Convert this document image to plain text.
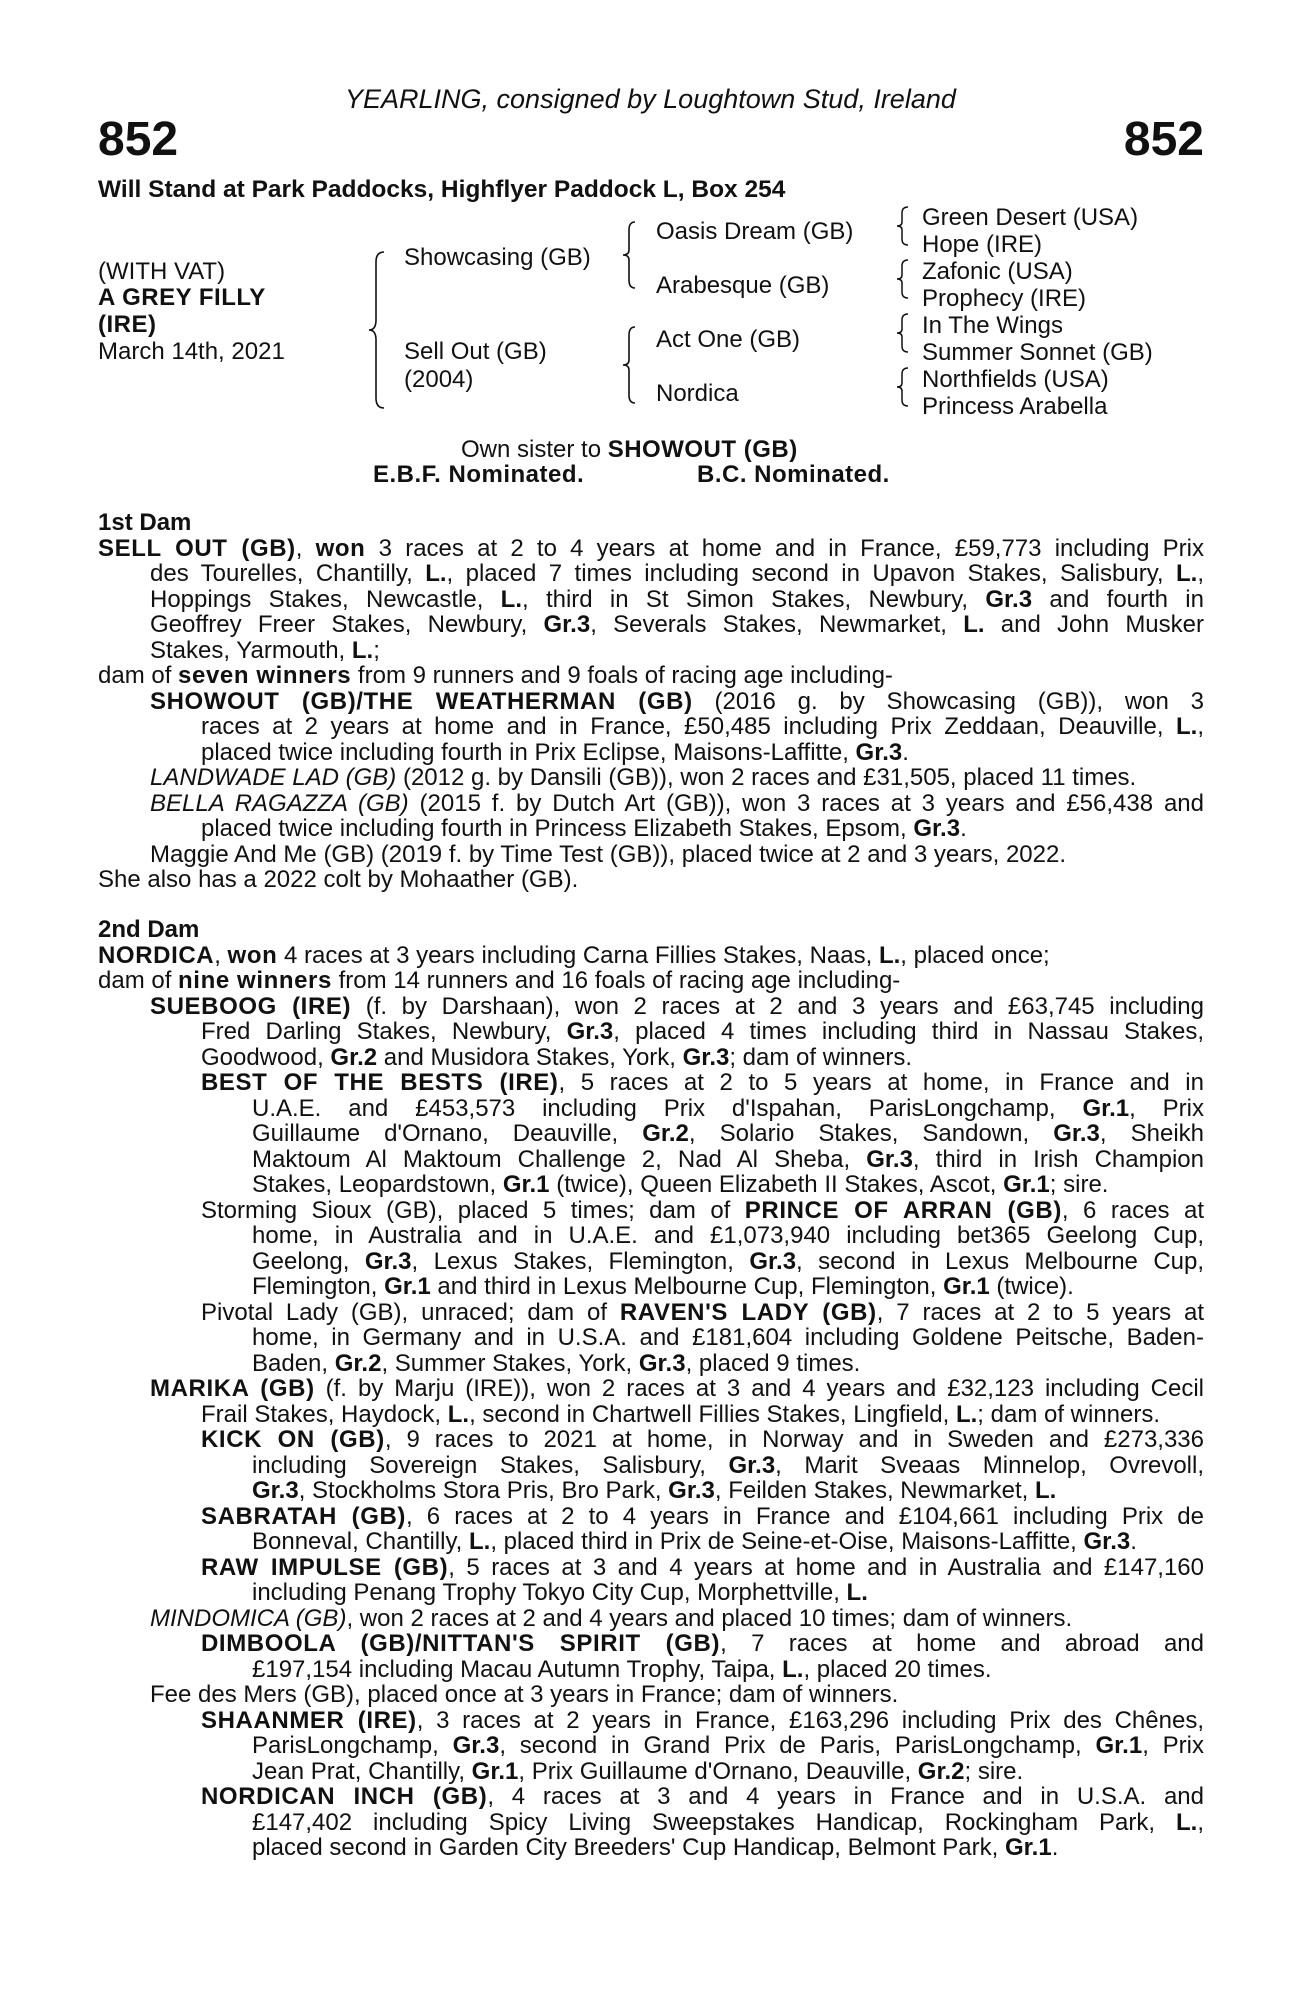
YEARLING, consigned by Loughtown Stud, Ireland
852	852
Will Stand at Park Paddocks, Highflyer Paddock L, Box 254
(WITH VAT)
A GREY FILLY
(IRE)
March 14th, 2021
Showcasing (GB)
Sell Out (GB)
(2004)
Oasis Dream (GB)
Arabesque (GB)
Act One (GB)
Nordica
Green Desert (USA)
Hope (IRE)
Zafonic (USA)
Prophecy (IRE)
In The Wings
Summer Sonnet (GB)
Northfields (USA)
Princess Arabella
Own sister to SHOWOUT (GB)
E.B.F. Nominated.	B.C. Nominated.
1st Dam
SELL OUT (GB), won 3 races at 2 to 4 years at home and in France, £59,773 including Prix
des Tourelles, Chantilly, L., placed 7 times including second in Upavon Stakes, Salisbury, L.,
Hoppings Stakes, Newcastle, L., third in St Simon Stakes, Newbury, Gr.3 and fourth in
Geoffrey Freer Stakes, Newbury, Gr.3, Severals Stakes, Newmarket, L. and John Musker
Stakes, Yarmouth, L.;
dam of seven winners from 9 runners and 9 foals of racing age including-
SHOWOUT (GB)/THE WEATHERMAN (GB) (2016 g. by Showcasing (GB)), won 3
races at 2 years at home and in France, £50,485 including Prix Zeddaan, Deauville, L.,
placed twice including fourth in Prix Eclipse, Maisons-Laffitte, Gr.3.
LANDWADE LAD (GB) (2012 g. by Dansili (GB)), won 2 races and £31,505, placed 11 times.
BELLA RAGAZZA (GB) (2015 f. by Dutch Art (GB)), won 3 races at 3 years and £56,438 and
placed twice including fourth in Princess Elizabeth Stakes, Epsom, Gr.3.
Maggie And Me (GB) (2019 f. by Time Test (GB)), placed twice at 2 and 3 years, 2022.
She also has a 2022 colt by Mohaather (GB).
2nd Dam
NORDICA, won 4 races at 3 years including Carna Fillies Stakes, Naas, L., placed once;
dam of nine winners from 14 runners and 16 foals of racing age including-
SUEBOOG (IRE) (f. by Darshaan), won 2 races at 2 and 3 years and £63,745 including
Fred Darling Stakes, Newbury, Gr.3, placed 4 times including third in Nassau Stakes,
Goodwood, Gr.2 and Musidora Stakes, York, Gr.3; dam of winners.
BEST OF THE BESTS (IRE), 5 races at 2 to 5 years at home, in France and in
U.A.E. and £453,573 including Prix d'Ispahan, ParisLongchamp, Gr.1, Prix
Guillaume d'Ornano, Deauville, Gr.2, Solario Stakes, Sandown, Gr.3, Sheikh
Maktoum Al Maktoum Challenge 2, Nad Al Sheba, Gr.3, third in Irish Champion
Stakes, Leopardstown, Gr.1 (twice), Queen Elizabeth II Stakes, Ascot, Gr.1; sire.
Storming Sioux (GB), placed 5 times; dam of PRINCE OF ARRAN (GB), 6 races at
home, in Australia and in U.A.E. and £1,073,940 including bet365 Geelong Cup,
Geelong, Gr.3, Lexus Stakes, Flemington, Gr.3, second in Lexus Melbourne Cup,
Flemington, Gr.1 and third in Lexus Melbourne Cup, Flemington, Gr.1 (twice).
Pivotal Lady (GB), unraced; dam of RAVEN'S LADY (GB), 7 races at 2 to 5 years at
home, in Germany and in U.S.A. and £181,604 including Goldene Peitsche, Baden-
Baden, Gr.2, Summer Stakes, York, Gr.3, placed 9 times.
MARIKA (GB) (f. by Marju (IRE)), won 2 races at 3 and 4 years and £32,123 including Cecil
Frail Stakes, Haydock, L., second in Chartwell Fillies Stakes, Lingfield, L.; dam of winners.
KICK ON (GB), 9 races to 2021 at home, in Norway and in Sweden and £273,336
including Sovereign Stakes, Salisbury, Gr.3, Marit Sveaas Minnelop, Ovrevoll,
Gr.3, Stockholms Stora Pris, Bro Park, Gr.3, Feilden Stakes, Newmarket, L.
SABRATAH (GB), 6 races at 2 to 4 years in France and £104,661 including Prix de
Bonneval, Chantilly, L., placed third in Prix de Seine-et-Oise, Maisons-Laffitte, Gr.3.
RAW IMPULSE (GB), 5 races at 3 and 4 years at home and in Australia and £147,160
including Penang Trophy Tokyo City Cup, Morphettville, L.
MINDOMICA (GB), won 2 races at 2 and 4 years and placed 10 times; dam of winners.
DIMBOOLA (GB)/NITTAN'S SPIRIT (GB), 7 races at home and abroad and
£197,154 including Macau Autumn Trophy, Taipa, L., placed 20 times.
Fee des Mers (GB), placed once at 3 years in France; dam of winners.
SHAANMER (IRE), 3 races at 2 years in France, £163,296 including Prix des Chênes,
ParisLongchamp, Gr.3, second in Grand Prix de Paris, ParisLongchamp, Gr.1, Prix
Jean Prat, Chantilly, Gr.1, Prix Guillaume d'Ornano, Deauville, Gr.2; sire.
NORDICAN INCH (GB), 4 races at 3 and 4 years in France and in U.S.A. and
£147,402 including Spicy Living Sweepstakes Handicap, Rockingham Park, L.,
placed second in Garden City Breeders' Cup Handicap, Belmont Park, Gr.1.
